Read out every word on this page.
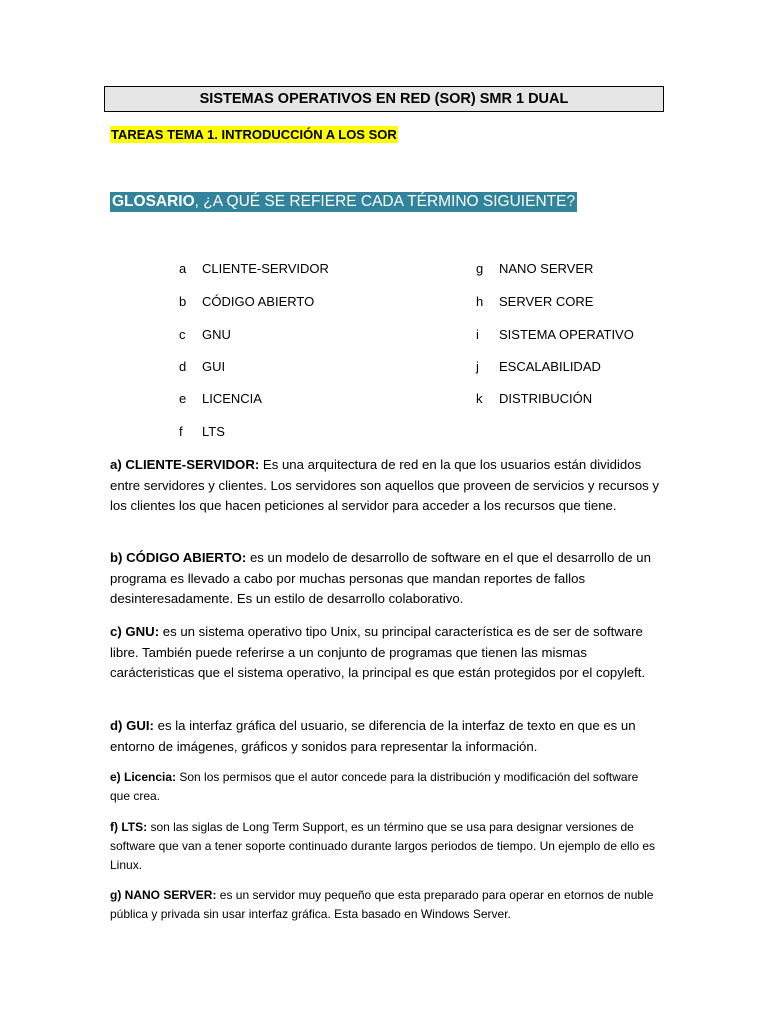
SISTEMAS OPERATIVOS EN RED (SOR) SMR 1 DUAL
TAREAS TEMA 1. INTRODUCCIÓN A LOS SOR
GLOSARIO, ¿A QUÉ SE REFIERE CADA TÉRMINO SIGUIENTE?
a CLIENTE-SERVIDOR
b CÓDIGO ABIERTO
c GNU
d GUI
e LICENCIA
f LTS
g NANO SERVER
h SERVER CORE
i SISTEMA OPERATIVO
j ESCALABILIDAD
k DISTRIBUCIÓN

a) CLIENTE-SERVIDOR: Es una arquitectura de red en la que los usuarios están divididos entre servidores y clientes. Los servidores son aquellos que proveen de servicios y recursos y los clientes los que hacen peticiones al servidor para acceder a los recursos que tiene.

b) CÓDIGO ABIERTO: es un modelo de desarrollo de software en el que el desarrollo de un programa es llevado a cabo por muchas personas que mandan reportes de fallos desinteresadamente. Es un estilo de desarrollo colaborativo.

c) GNU: es un sistema operativo tipo Unix, su principal característica es de ser de software libre. También puede referirse a un conjunto de programas que tienen las mismas carácteristicas que el sistema operativo, la principal es que están protegidos por el copyleft.

d) GUI: es la interfaz gráfica del usuario, se diferencia de la interfaz de texto en que es un entorno de imágenes, gráficos y sonidos para representar la información.

e) Licencia: Son los permisos que el autor concede para la distribución y modificación del software que crea.

f) LTS: son las siglas de Long Term Support, es un término que se usa para designar versiones de software que van a tener soporte continuado durante largos periodos de tiempo. Un ejemplo de ello es Linux.

g) NANO SERVER: es un servidor muy pequeño que esta preparado para operar en etornos de nuble pública y privada sin usar interfaz gráfica. Esta basado en Windows Server.
